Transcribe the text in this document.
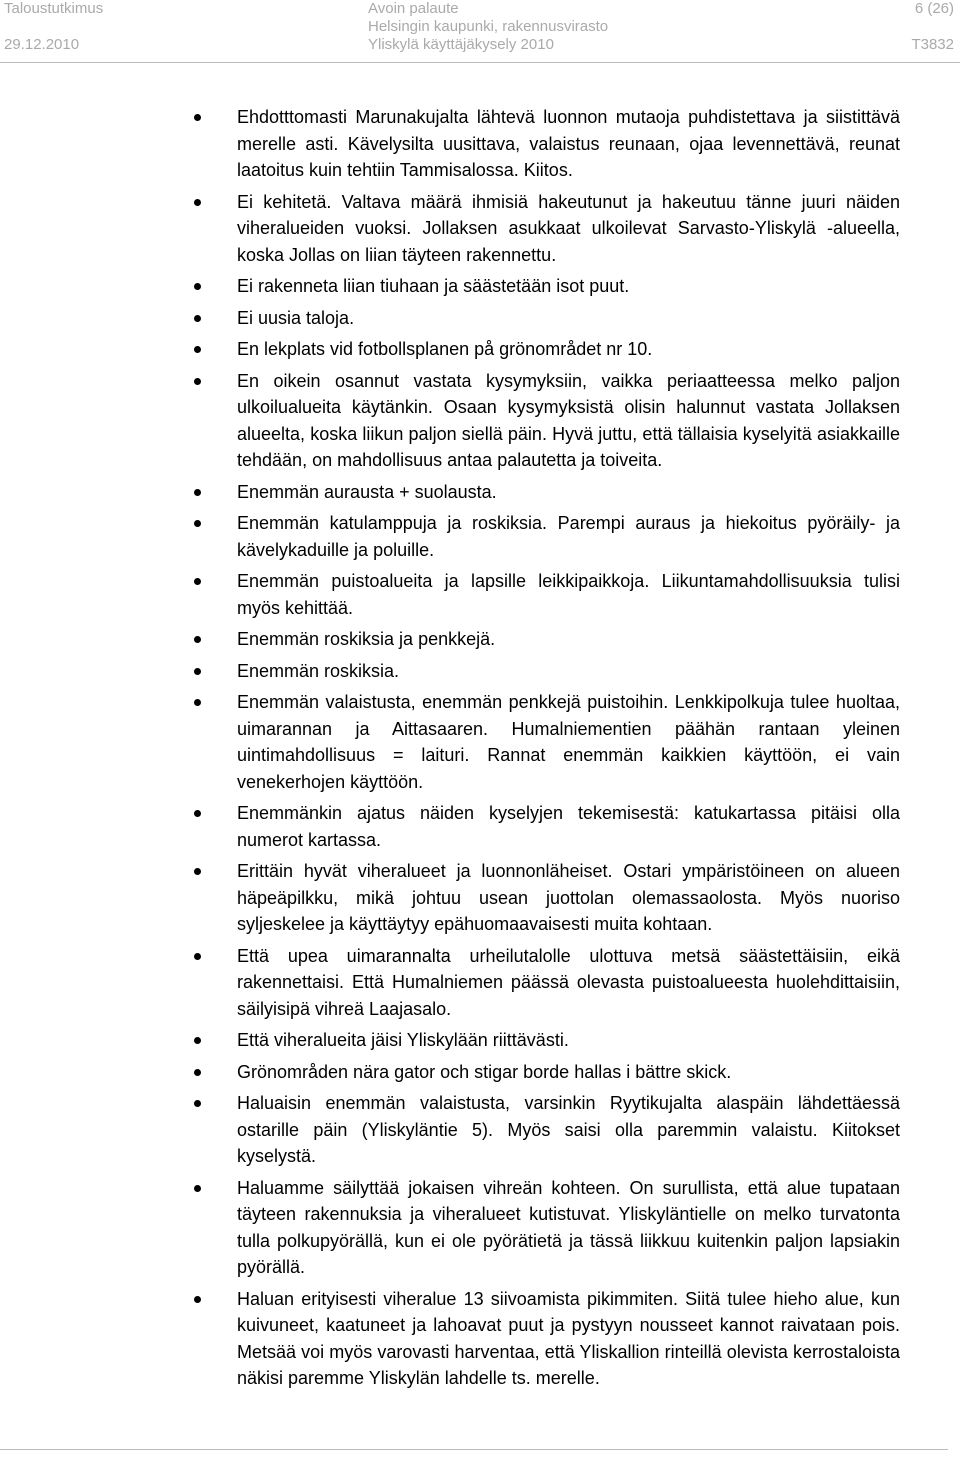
Taloustutkimus
29.12.2010
Avoin palaute
Helsingin kaupunki, rakennusvirasto
Yliskylä käyttäjäkysely 2010
6 (26)
T3832
Ehdotttomasti Marunakujalta lähtevä luonnon mutaoja puhdistettava ja siistittävä merelle asti. Kävelysilta uusittava, valaistus reunaan, ojaa levennettävä, reunat laatoitus kuin tehtiin Tammisalossa. Kiitos.
Ei kehitetä. Valtava määrä ihmisiä hakeutunut ja hakeutuu tänne juuri näiden viheralueiden vuoksi. Jollaksen asukkaat ulkoilevat Sarvasto-Yliskylä -alueella, koska Jollas on liian täyteen rakennettu.
Ei rakenneta liian tiuhaan ja säästetään isot puut.
Ei uusia taloja.
En lekplats vid fotbollsplanen på grönområdet nr 10.
En oikein osannut vastata kysymyksiin, vaikka periaatteessa melko paljon ulkoilualueita käytänkin. Osaan kysymyksistä olisin halunnut vastata Jollaksen alueelta, koska liikun paljon siellä päin. Hyvä juttu, että tällaisia kyselyitä asiakkaille tehdään, on mahdollisuus antaa palautetta ja toiveita.
Enemmän aurausta + suolausta.
Enemmän katulamppuja ja roskiksia. Parempi auraus ja hiekoitus pyöräily- ja kävelykaduille ja poluille.
Enemmän puistoalueita ja lapsille leikkipaikkoja. Liikuntamahdollisuuksia tulisi myös kehittää.
Enemmän roskiksia ja penkkejä.
Enemmän roskiksia.
Enemmän valaistusta, enemmän penkkejä puistoihin. Lenkkipolkuja tulee huoltaa, uimarannan ja Aittasaaren. Humalniementien päähän rantaan yleinen uintimahdollisuus = laituri. Rannat enemmän kaikkien käyttöön, ei vain venekerhojen käyttöön.
Enemmänkin ajatus näiden kyselyjen tekemisestä: katukartassa pitäisi olla numerot kartassa.
Erittäin hyvät viheralueet ja luonnonläheiset. Ostari ympäristöineen on alueen häpeäpilkku, mikä johtuu usean juottolan olemassaolosta. Myös nuoriso syljeskelee ja käyttäytyy epähuomaavaisesti muita kohtaan.
Että upea uimarannalta urheilutalolle ulottuva metsä säästettäisiin, eikä rakennettaisi. Että Humalniemen päässä olevasta puistoalueesta huolehdittaisiin, säilyisipä vihreä Laajasalo.
Että viheralueita jäisi Yliskylään riittävästi.
Grönområden nära gator och stigar borde hallas i bättre skick.
Haluaisin enemmän valaistusta, varsinkin Ryytikujalta alaspäin lähdettäessä ostarille päin (Yliskyläntie 5). Myös saisi olla paremmin valaistu. Kiitokset kyselystä.
Haluamme säilyttää jokaisen vihreän kohteen. On surullista, että alue tupataan täyteen rakennuksia ja viheralueet kutistuvat. Yliskyläntielle on melko turvatonta tulla polkupyörällä, kun ei ole pyörätietä ja tässä liikkuu kuitenkin paljon lapsiakin pyörällä.
Haluan erityisesti viheralue 13 siivoamista pikimmiten. Siitä tulee hieho alue, kun kuivuneet, kaatuneet ja lahoavat puut ja pystyyn nousseet kannot raivataan pois. Metsää voi myös varovasti harventaa, että Yliskallion rinteillä olevista kerrostaloista näkisi paremme Yliskylän lahdelle ts. merelle.
